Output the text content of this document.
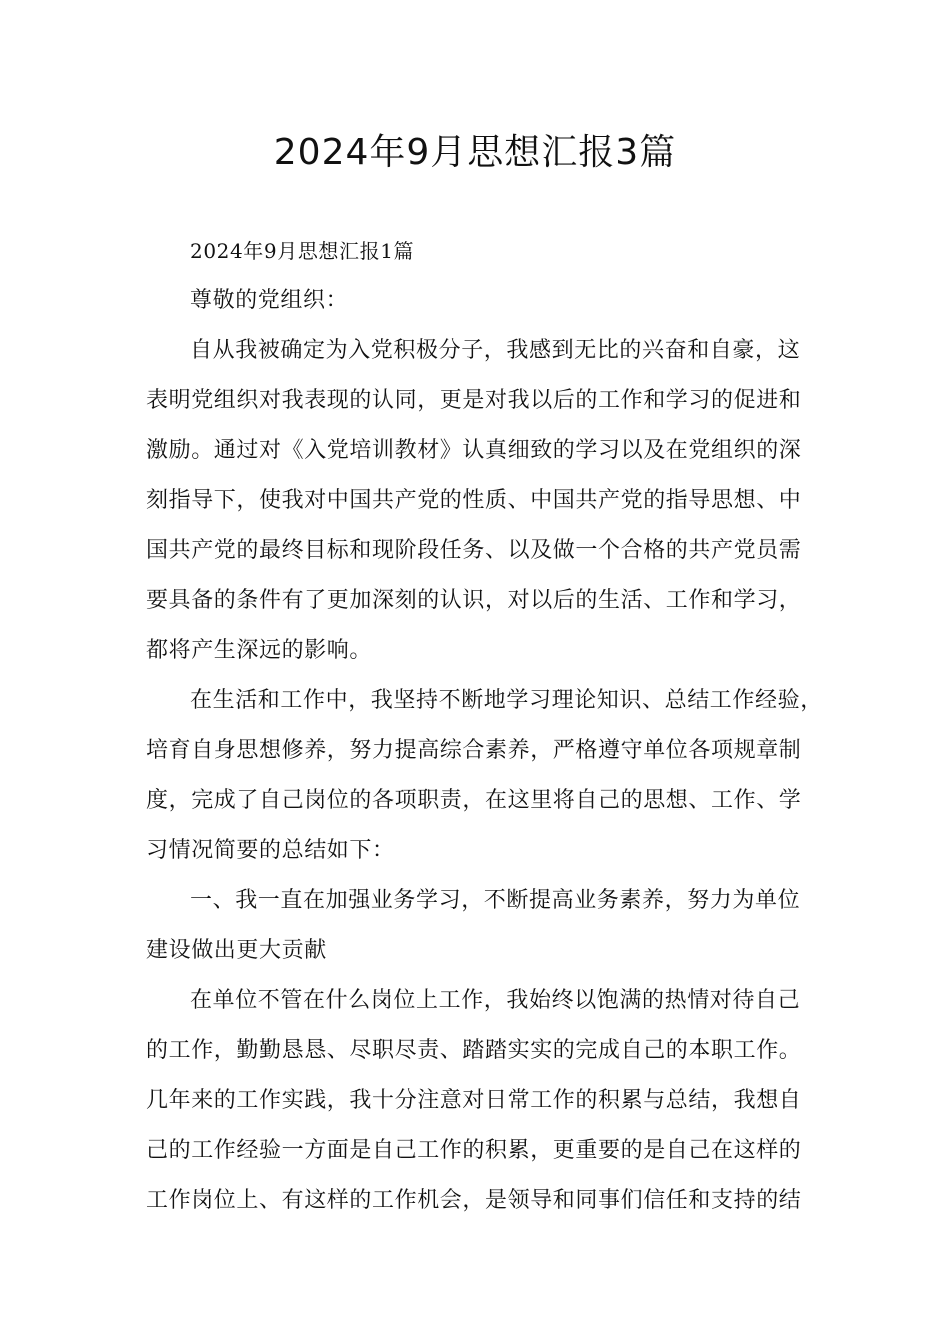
2024年9月思想汇报3篇
2024年9月思想汇报1篇
尊敬的党组织：
自从我被确定为入党积极分子，我感到无比的兴奋和自豪，这
表明党组织对我表现的认同，更是对我以后的工作和学习的促进和
激励。通过对《入党培训教材》认真细致的学习以及在党组织的深
刻指导下，使我对中国共产党的性质、中国共产党的指导思想、中
国共产党的最终目标和现阶段任务、以及做一个合格的共产党员需
要具备的条件有了更加深刻的认识，对以后的生活、工作和学习，
都将产生深远的影响。
在生活和工作中，我坚持不断地学习理论知识、总结工作经验，
培育自身思想修养，努力提高综合素养，严格遵守单位各项规章制
度，完成了自己岗位的各项职责，在这里将自己的思想、工作、学
习情况简要的总结如下：
一、我一直在加强业务学习，不断提高业务素养，努力为单位
建设做出更大贡献
在单位不管在什么岗位上工作，我始终以饱满的热情对待自己
的工作，勤勤恳恳、尽职尽责、踏踏实实的完成自己的本职工作。
几年来的工作实践，我十分注意对日常工作的积累与总结，我想自
己的工作经验一方面是自己工作的积累，更重要的是自己在这样的
工作岗位上、有这样的工作机会，是领导和同事们信任和支持的结
